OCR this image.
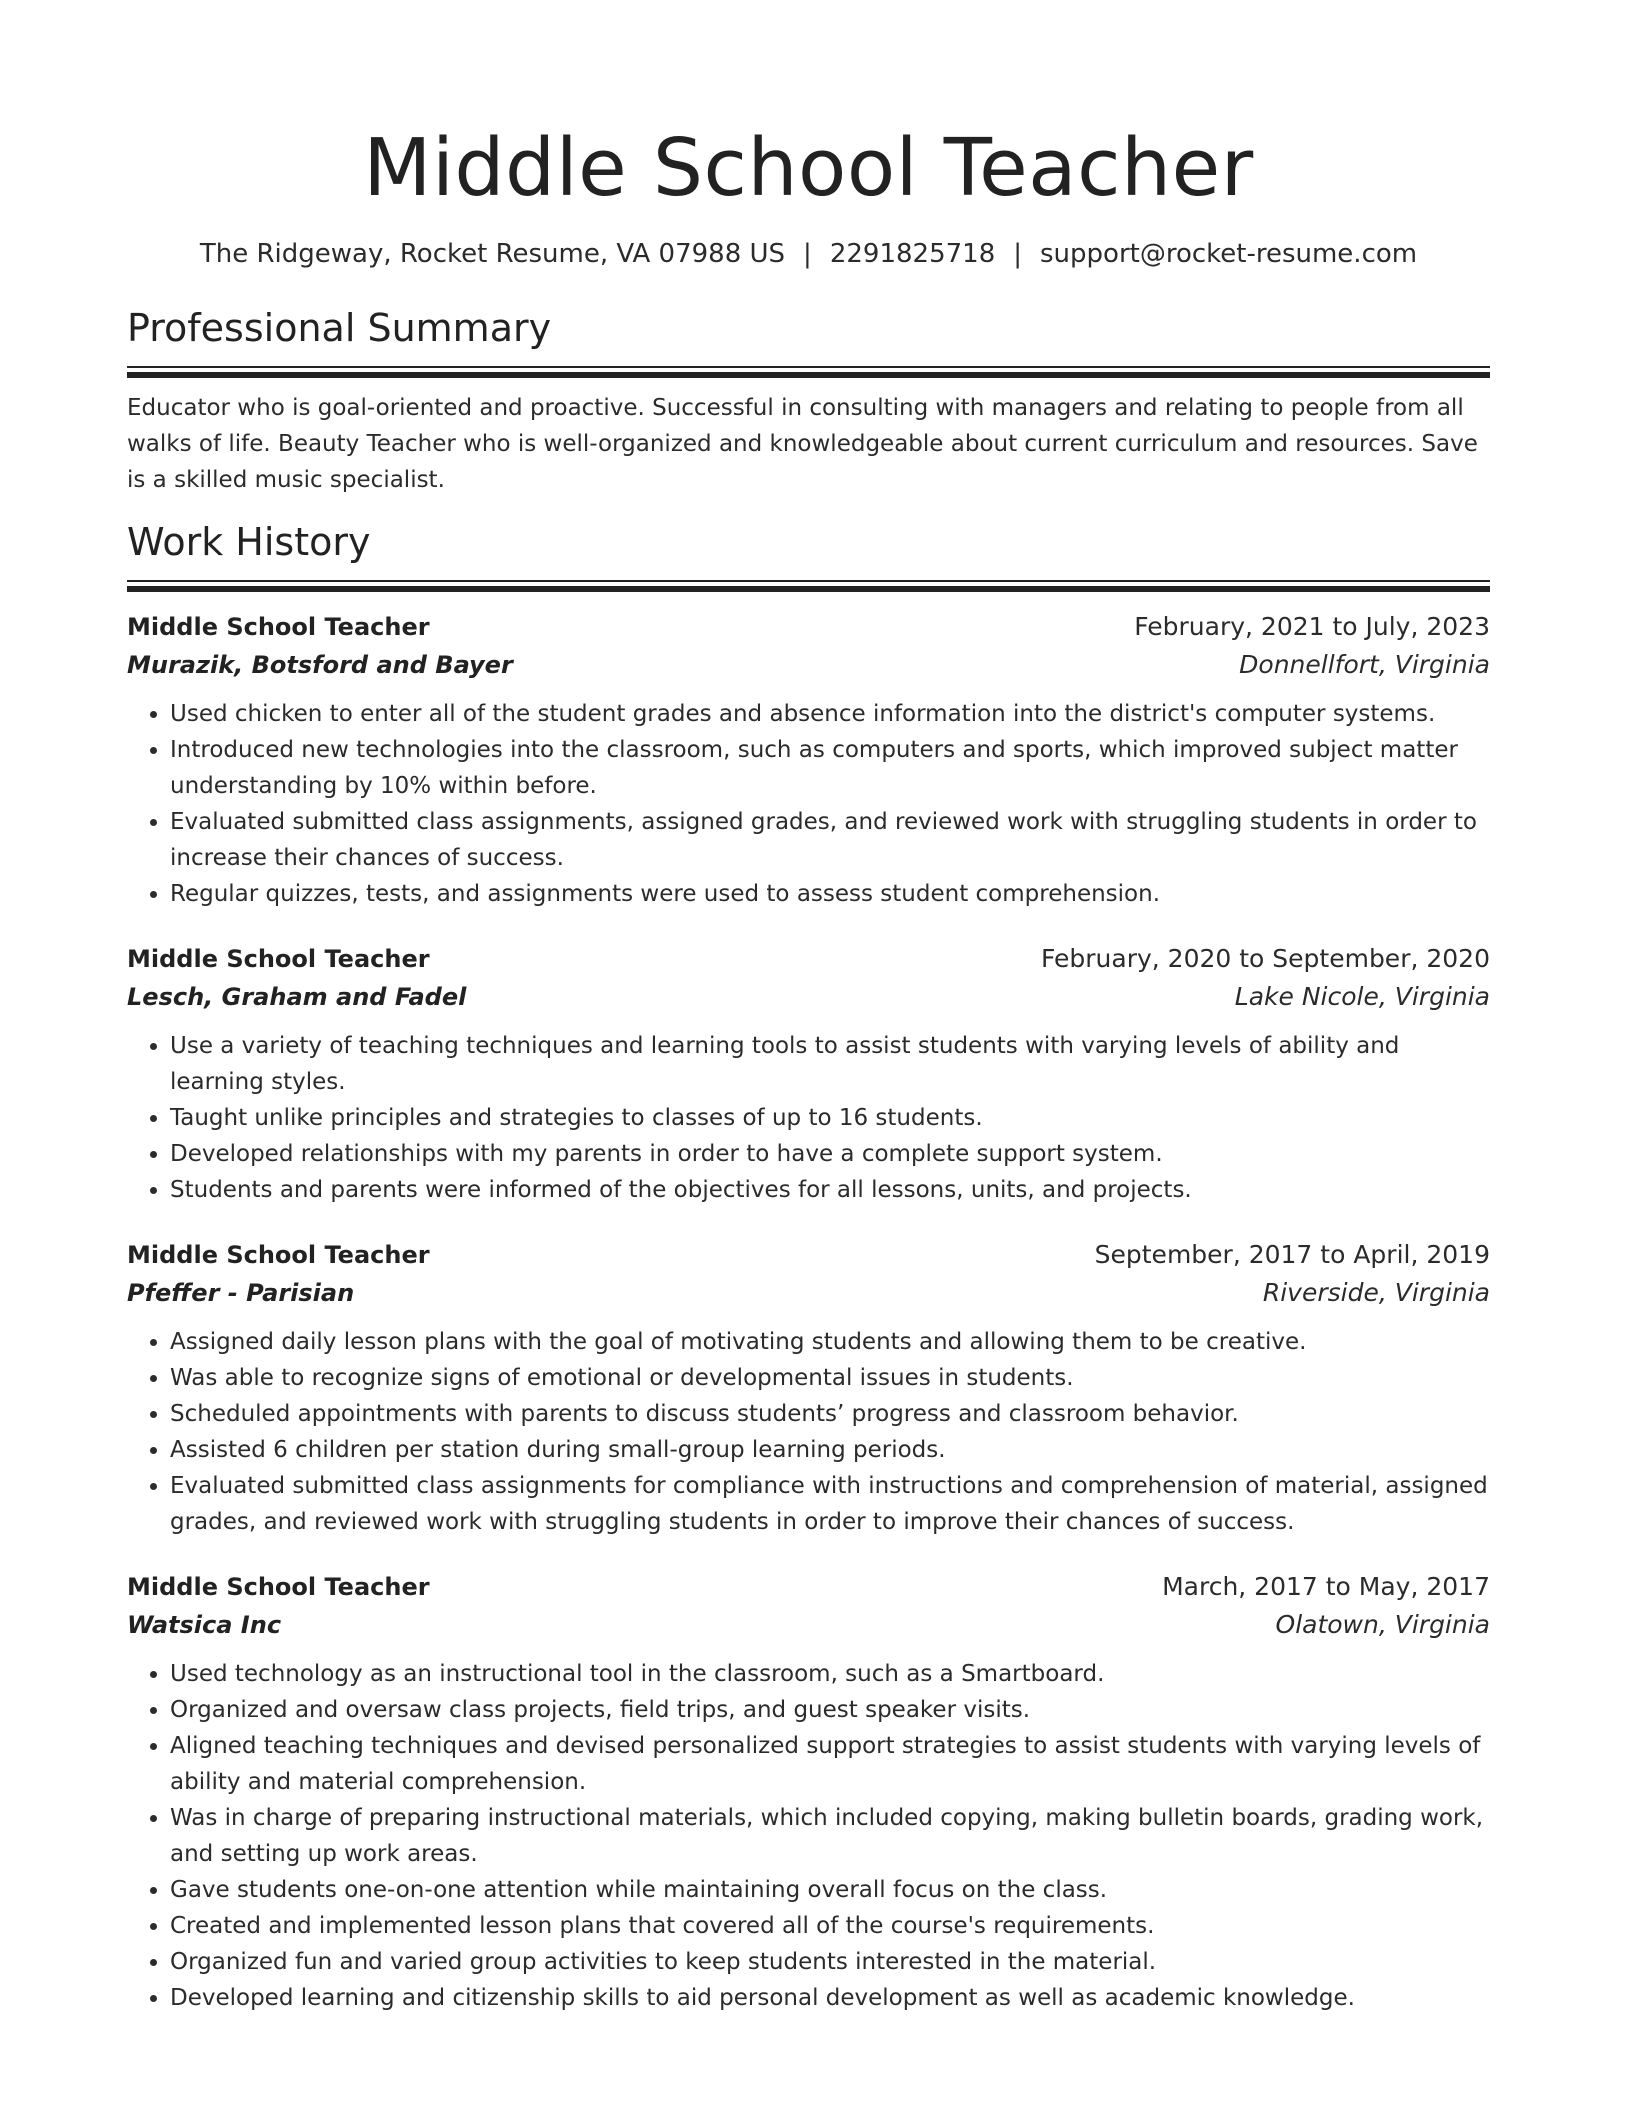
Middle School Teacher
The Ridgeway, Rocket Resume, VA 07988 US | 2291825718 | support@rocket-resume.com
Professional Summary

Educator who is goal-oriented and proactive. Successful in consulting with managers and relating to people from all walks of life. Beauty Teacher who is well-organized and knowledgeable about current curriculum and resources. Save is a skilled music specialist.

Work History
Middle School Teacher	February, 2021 to July, 2023
Murazik, Botsford and Bayer	Donnellfort, Virginia
• Used chicken to enter all of the student grades and absence information into the district's computer systems.
• Introduced new technologies into the classroom, such as computers and sports, which improved subject matter understanding by 10% within before.
• Evaluated submitted class assignments, assigned grades, and reviewed work with struggling students in order to increase their chances of success.
• Regular quizzes, tests, and assignments were used to assess student comprehension.
Middle School Teacher	February, 2020 to September, 2020
Lesch, Graham and Fadel	Lake Nicole, Virginia
• Use a variety of teaching techniques and learning tools to assist students with varying levels of ability and learning styles.
• Taught unlike principles and strategies to classes of up to 16 students.
• Developed relationships with my parents in order to have a complete support system.
• Students and parents were informed of the objectives for all lessons, units, and projects.
Middle School Teacher	September, 2017 to April, 2019
Pfeffer - Parisian	Riverside, Virginia
• Assigned daily lesson plans with the goal of motivating students and allowing them to be creative.
• Was able to recognize signs of emotional or developmental issues in students.
• Scheduled appointments with parents to discuss students’ progress and classroom behavior.
• Assisted 6 children per station during small-group learning periods.
• Evaluated submitted class assignments for compliance with instructions and comprehension of material, assigned grades, and reviewed work with struggling students in order to improve their chances of success.
Middle School Teacher	March, 2017 to May, 2017
Watsica Inc	Olatown, Virginia
• Used technology as an instructional tool in the classroom, such as a Smartboard.
• Organized and oversaw class projects, field trips, and guest speaker visits.
• Aligned teaching techniques and devised personalized support strategies to assist students with varying levels of ability and material comprehension.
• Was in charge of preparing instructional materials, which included copying, making bulletin boards, grading work, and setting up work areas.
• Gave students one-on-one attention while maintaining overall focus on the class.
• Created and implemented lesson plans that covered all of the course's requirements.
• Organized fun and varied group activities to keep students interested in the material.
• Developed learning and citizenship skills to aid personal development as well as academic knowledge.
